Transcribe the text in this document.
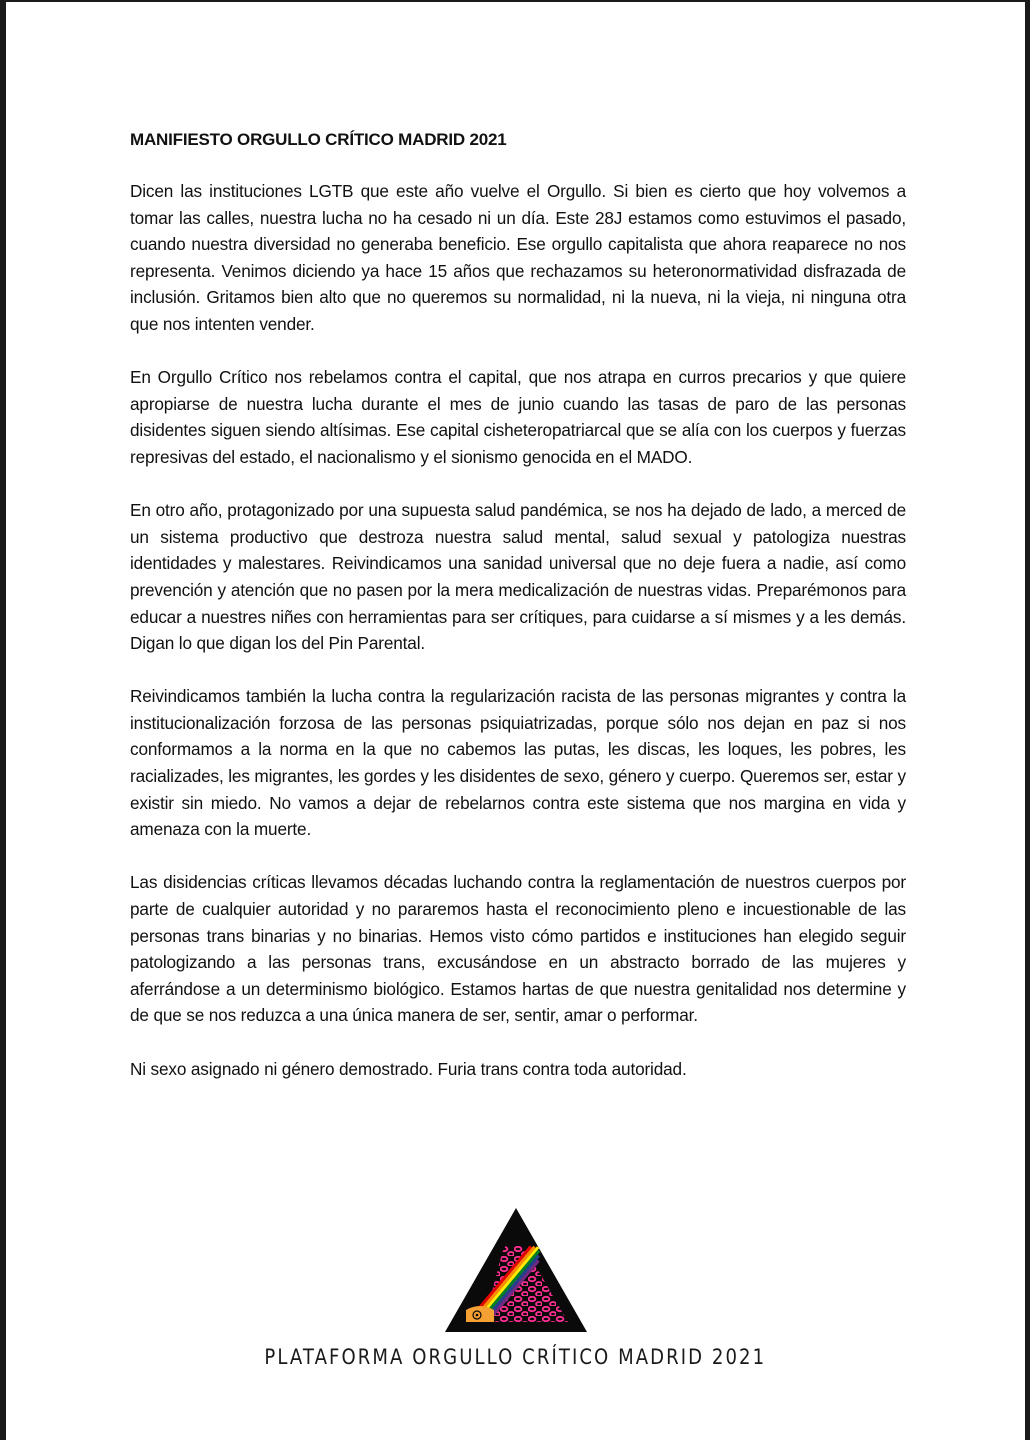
MANIFIESTO ORGULLO CRÍTICO MADRID 2021

Dicen las instituciones LGTB que este año vuelve el Orgullo. Si bien es cierto que hoy volvemos a tomar las calles, nuestra lucha no ha cesado ni un día. Este 28J estamos como estuvimos el pasado, cuando nuestra diversidad no generaba beneficio. Ese orgullo capitalista que ahora reaparece no nos representa. Venimos diciendo ya hace 15 años que rechazamos su heteronormatividad disfrazada de inclusión. Gritamos bien alto que no queremos su normalidad, ni la nueva, ni la vieja, ni ninguna otra que nos intenten vender.

En Orgullo Crítico nos rebelamos contra el capital, que nos atrapa en curros precarios y que quiere apropiarse de nuestra lucha durante el mes de junio cuando las tasas de paro de las personas disidentes siguen siendo altísimas. Ese capital cisheteropatriarcal que se alía con los cuerpos y fuerzas represivas del estado, el nacionalismo y el sionismo genocida en el MADO.

En otro año, protagonizado por una supuesta salud pandémica, se nos ha dejado de lado, a merced de un sistema productivo que destroza nuestra salud mental, salud sexual y patologiza nuestras identidades y malestares. Reivindicamos una sanidad universal que no deje fuera a nadie, así como prevención y atención que no pasen por la mera medicalización de nuestras vidas. Preparémonos para educar a nuestres niñes con herramientas para ser crítiques, para cuidarse a sí mismes y a les demás. Digan lo que digan los del Pin Parental.

Reivindicamos también la lucha contra la regularización racista de las personas migrantes y contra la institucionalización forzosa de las personas psiquiatrizadas, porque sólo nos dejan en paz si nos conformamos a la norma en la que no cabemos las putas, les discas, les loques, les pobres, les racializades, les migrantes, les gordes y les disidentes de sexo, género y cuerpo. Queremos ser, estar y existir sin miedo. No vamos a dejar de rebelarnos contra este sistema que nos margina en vida y amenaza con la muerte.

Las disidencias críticas llevamos décadas luchando contra la reglamentación de nuestros cuerpos por parte de cualquier autoridad y no pararemos hasta el reconocimiento pleno e incuestionable de las personas trans binarias y no binarias. Hemos visto cómo partidos e instituciones han elegido seguir patologizando a las personas trans, excusándose en un abstracto borrado de las mujeres y aferrándose a un determinismo biológico. Estamos hartas de que nuestra genitalidad nos determine y de que se nos reduzca a una única manera de ser, sentir, amar o performar.

Ni sexo asignado ni género demostrado. Furia trans contra toda autoridad.

PLATAFORMA ORGULLO CRÍTICO MADRID 2021
